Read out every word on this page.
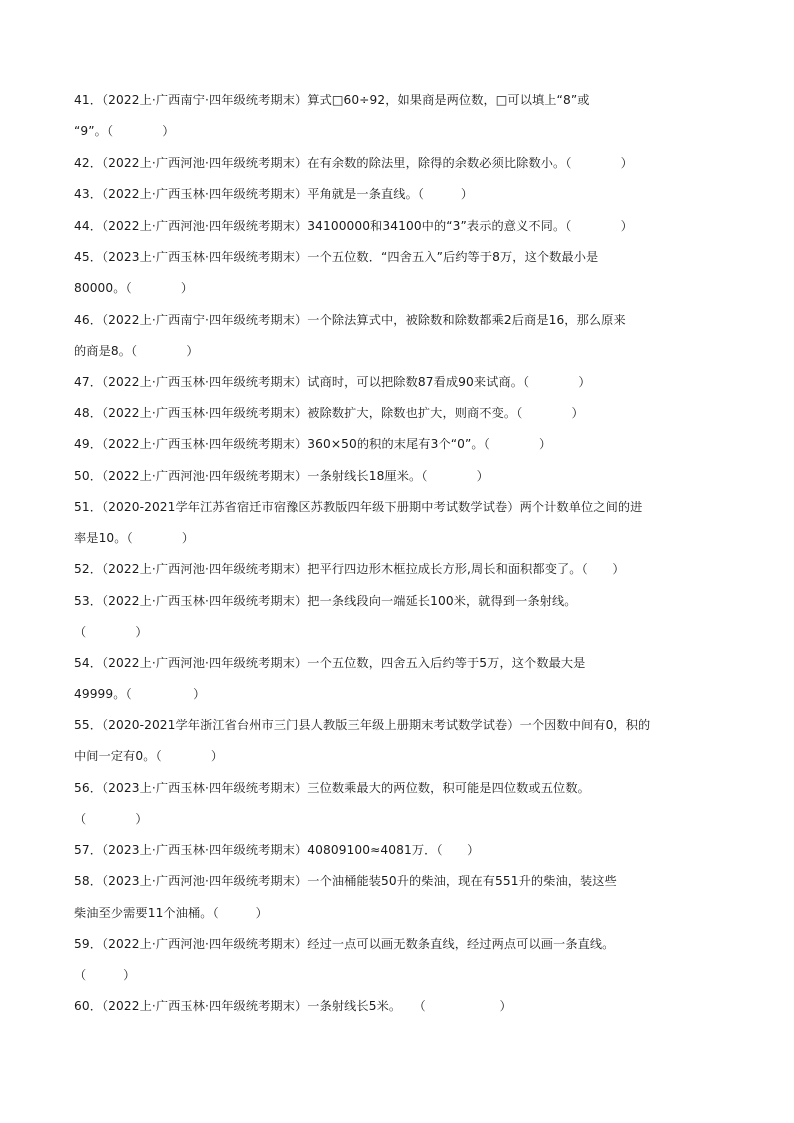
41．（2022上·广西南宁·四年级统考期末）算式□60÷92，如果商是两位数，□可以填上“8”或
“9”。（　　　　）
42．（2022上·广西河池·四年级统考期末）在有余数的除法里，除得的余数必须比除数小。（　　　　）
43．（2022上·广西玉林·四年级统考期末）平角就是一条直线。（　　　）
44．（2022上·广西河池·四年级统考期末）34100000和34100中的“3”表示的意义不同。（　　　　）
45．（2023上·广西玉林·四年级统考期末）一个五位数．“四舍五入”后约等于8万，这个数最小是
80000。（　　　　）
46．（2022上·广西南宁·四年级统考期末）一个除法算式中，被除数和除数都乘2后商是16，那么原来
的商是8。（　　　　）
47．（2022上·广西玉林·四年级统考期末）试商时，可以把除数87看成90来试商。（　　　　）
48．（2022上·广西玉林·四年级统考期末）被除数扩大，除数也扩大，则商不变。（　　　　）
49．（2022上·广西玉林·四年级统考期末）360×50的积的末尾有3个“0”。（　　　　）
50．（2022上·广西河池·四年级统考期末）一条射线长18厘米。（　　　　）
51．（2020-2021学年江苏省宿迁市宿豫区苏教版四年级下册期中考试数学试卷）两个计数单位之间的进
率是10。（　　　　）
52．（2022上·广西河池·四年级统考期末）把平行四边形木框拉成长方形,周长和面积都变了。（　　）
53．（2022上·广西玉林·四年级统考期末）把一条线段向一端延长100米，就得到一条射线。
（　　　　）
54．（2022上·广西河池·四年级统考期末）一个五位数，四舍五入后约等于5万，这个数最大是
49999。（　　　　　）
55．（2020-2021学年浙江省台州市三门县人教版三年级上册期末考试数学试卷）一个因数中间有0，积的
中间一定有0。（　　　　）
56．（2023上·广西玉林·四年级统考期末）三位数乘最大的两位数，积可能是四位数或五位数。
（　　　　）
57．（2023上·广西玉林·四年级统考期末）40809100≈4081万．（　　）
58．（2023上·广西河池·四年级统考期末）一个油桶能装50升的柴油，现在有551升的柴油，装这些
柴油至少需要11个油桶。（　　　）
59．（2022上·广西河池·四年级统考期末）经过一点可以画无数条直线，经过两点可以画一条直线。
（　　　）
60．（2022上·广西玉林·四年级统考期末）一条射线长5米。　　（　　　　　　）
